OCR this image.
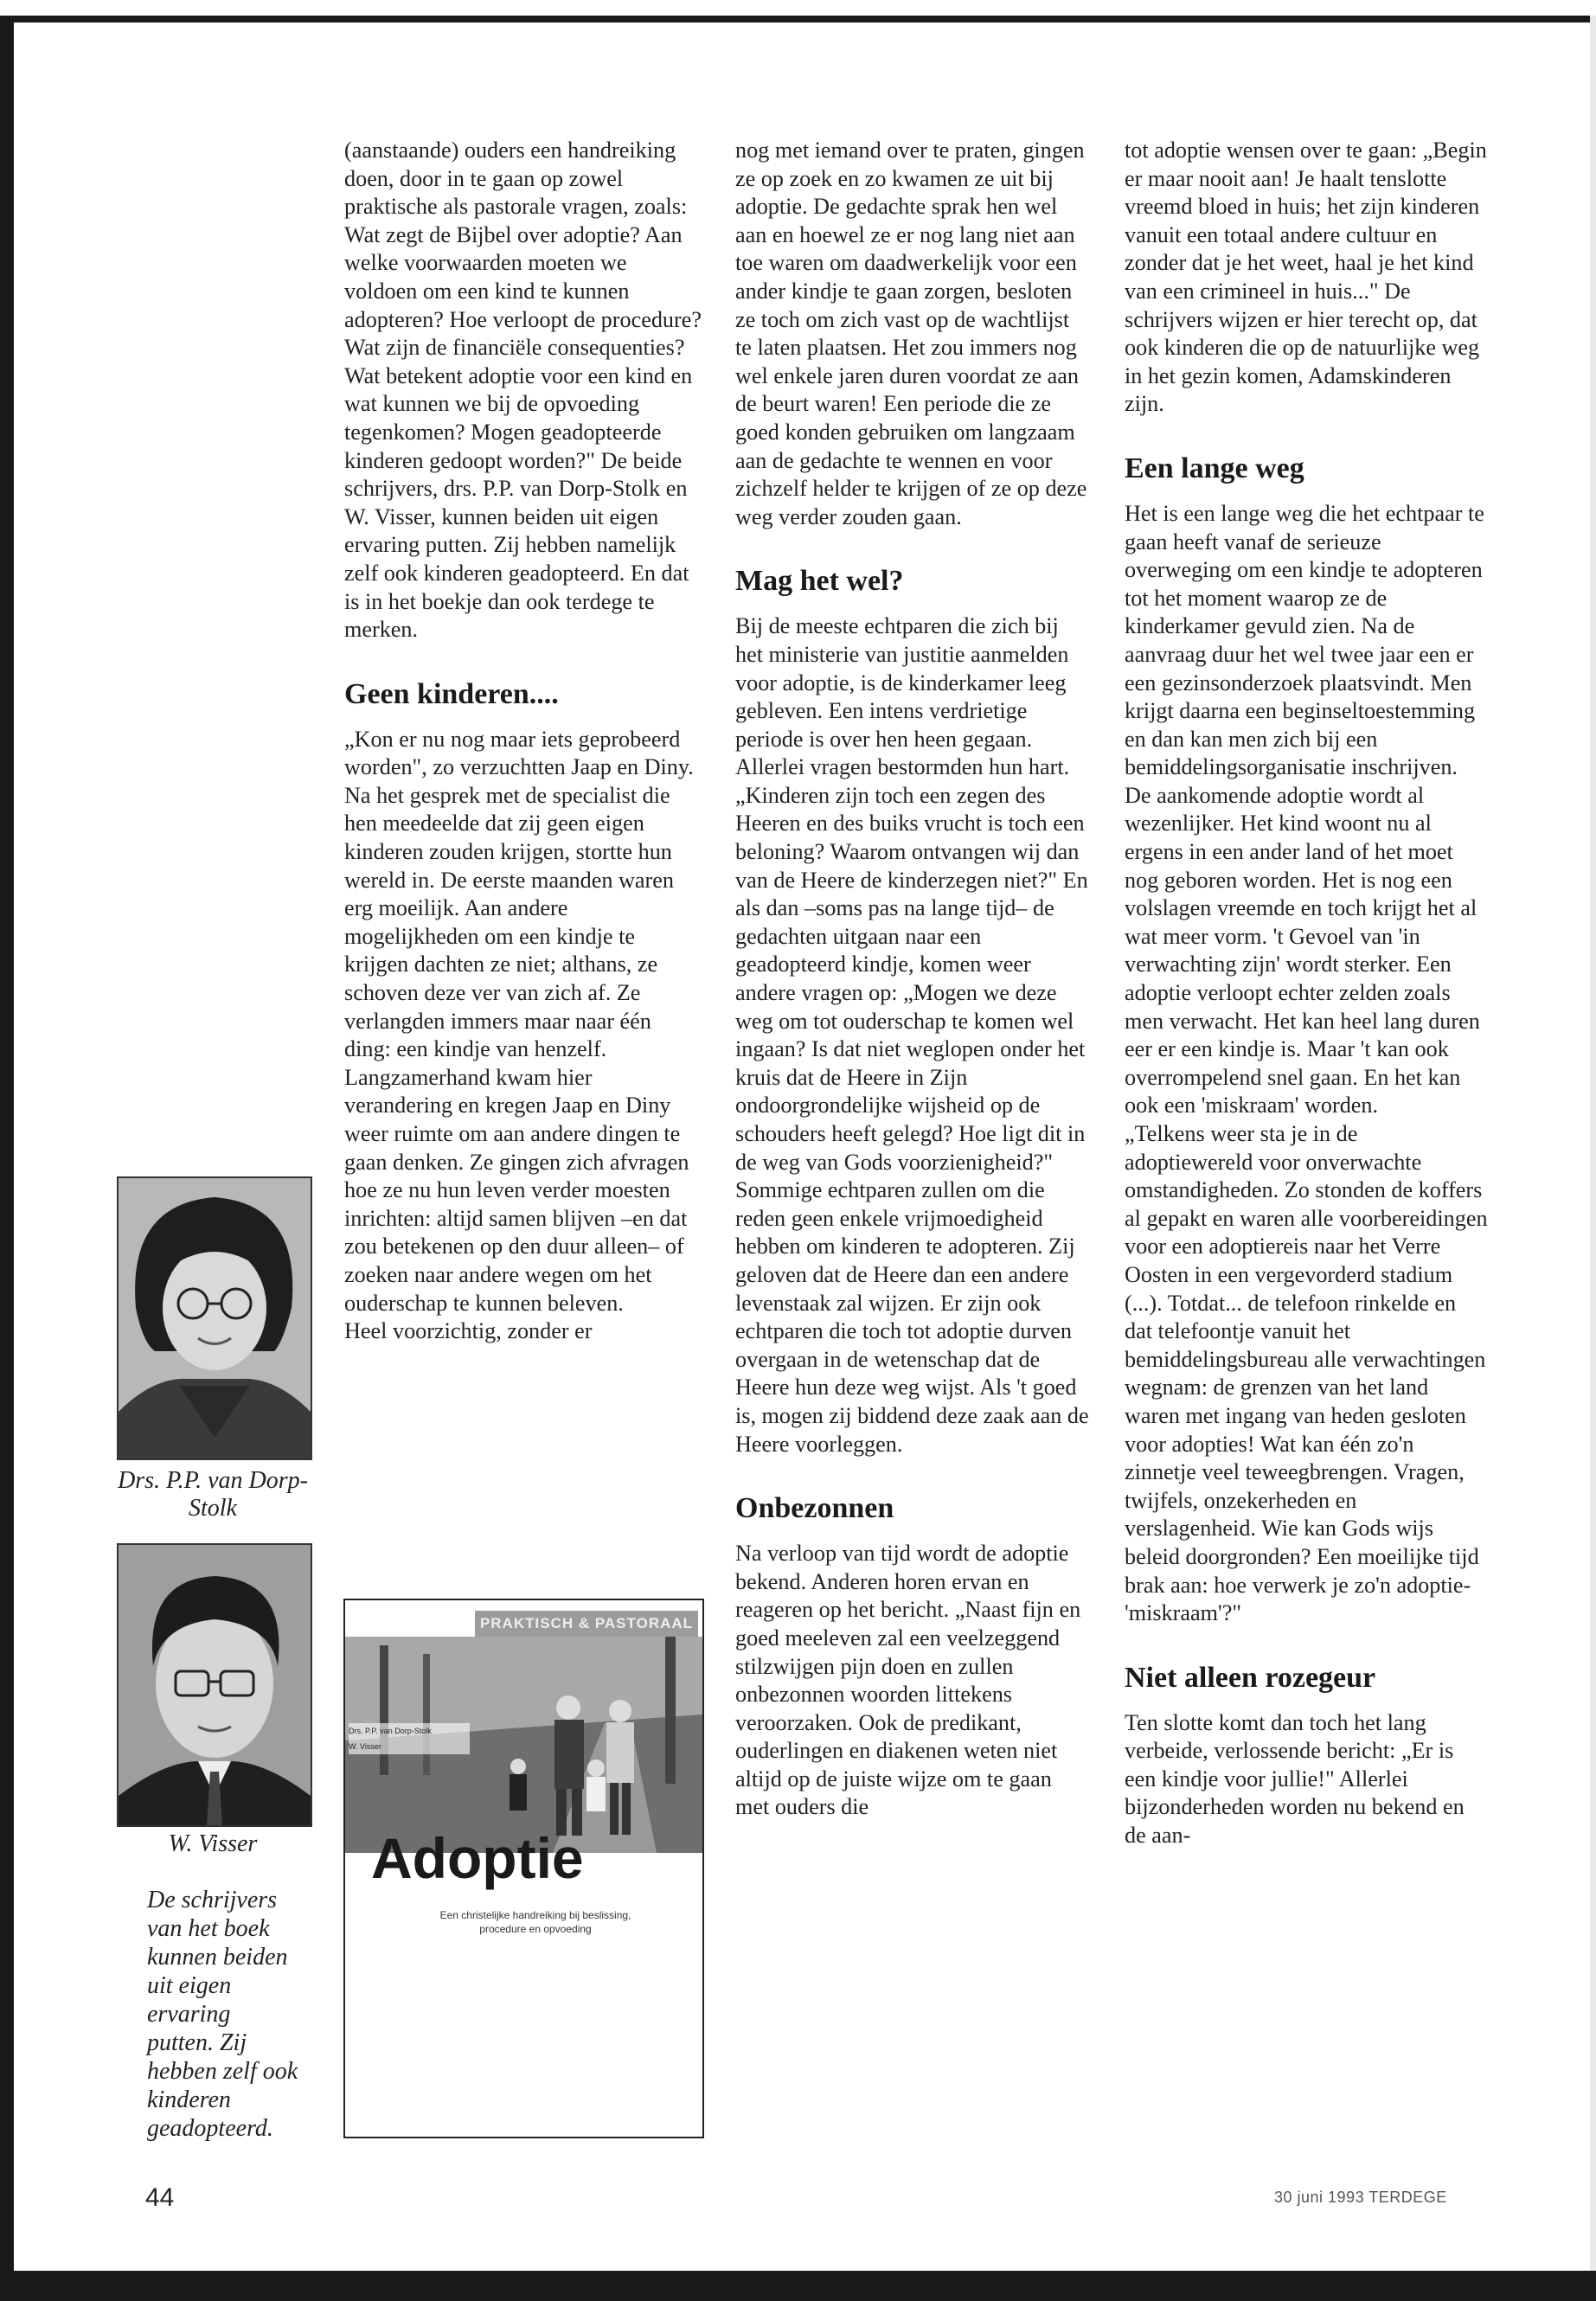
(aanstaande) ouders een handreiking doen, door in te gaan op zowel praktische als pastorale vragen, zoals: Wat zegt de Bijbel over adoptie? Aan welke voorwaarden moeten we voldoen om een kind te kunnen adopteren? Hoe verloopt de procedure? Wat zijn de financiële consequenties? Wat betekent adoptie voor een kind en wat kunnen we bij de opvoeding tegenkomen? Mogen geadopteerde kinderen gedoopt worden?" De beide schrijvers, drs. P.P. van Dorp-Stolk en W. Visser, kunnen beiden uit eigen ervaring putten. Zij hebben namelijk zelf ook kinderen geadopteerd. En dat is in het boekje dan ook terdege te merken.

Geen kinderen....

„Kon er nu nog maar iets geprobeerd worden", zo verzuchtten Jaap en Diny. Na het gesprek met de specialist die hen meedeelde dat zij geen eigen kinderen zouden krijgen, stortte hun wereld in. De eerste maanden waren erg moeilijk. Aan andere mogelijkheden om een kindje te krijgen dachten ze niet; althans, ze schoven deze ver van zich af. Ze verlangden immers maar naar één ding: een kindje van henzelf. Langzamerhand kwam hier verandering en kregen Jaap en Diny weer ruimte om aan andere dingen te gaan denken. Ze gingen zich afvragen hoe ze nu hun leven verder moesten inrichten: altijd samen blijven –en dat zou betekenen op den duur alleen– of zoeken naar andere wegen om het ouderschap te kunnen beleven.

Heel voorzichtig, zonder er

nog met iemand over te praten, gingen ze op zoek en zo kwamen ze uit bij adoptie. De gedachte sprak hen wel aan en hoewel ze er nog lang niet aan toe waren om daadwerkelijk voor een ander kindje te gaan zorgen, besloten ze toch om zich vast op de wachtlijst te laten plaatsen. Het zou immers nog wel enkele jaren duren voordat ze aan de beurt waren! Een periode die ze goed konden gebruiken om langzaam aan de gedachte te wennen en voor zichzelf helder te krijgen of ze op deze weg verder zouden gaan.

Mag het wel?

Bij de meeste echtparen die zich bij het ministerie van justitie aanmelden voor adoptie, is de kinderkamer leeg gebleven. Een intens verdrietige periode is over hen heen gegaan. Allerlei vragen bestormden hun hart. „Kinderen zijn toch een zegen des Heeren en des buiks vrucht is toch een beloning? Waarom ontvangen wij dan van de Heere de kinderzegen niet?" En als dan –soms pas na lange tijd– de gedachten uitgaan naar een geadopteerd kindje, komen weer andere vragen op: „Mogen we deze weg om tot ouderschap te komen wel ingaan? Is dat niet weglopen onder het kruis dat de Heere in Zijn ondoorgrondelijke wijsheid op de schouders heeft gelegd? Hoe ligt dit in de weg van Gods voorzienigheid?"

Sommige echtparen zullen om die reden geen enkele vrijmoedigheid hebben om kinderen te adopteren. Zij geloven dat de Heere dan een andere levenstaak zal wijzen. Er zijn ook echtparen die toch tot adoptie durven overgaan in de wetenschap dat de Heere hun deze weg wijst. Als 't goed is, mogen zij biddend deze zaak aan de Heere voorleggen.

Onbezonnen

Na verloop van tijd wordt de adoptie bekend. Anderen horen ervan en reageren op het bericht. „Naast fijn en goed meeleven zal een veelzeggend stilzwijgen pijn doen en zullen onbezonnen woorden littekens veroorzaken. Ook de predikant, ouderlingen en diakenen weten niet altijd op de juiste wijze om te gaan met ouders die

tot adoptie wensen over te gaan: „Begin er maar nooit aan! Je haalt tenslotte vreemd bloed in huis; het zijn kinderen vanuit een totaal andere cultuur en zonder dat je het weet, haal je het kind van een crimineel in huis..." De schrijvers wijzen er hier terecht op, dat ook kinderen die op de natuurlijke weg in het gezin komen, Adamskinderen zijn.

Een lange weg

Het is een lange weg die het echtpaar te gaan heeft vanaf de serieuze overweging om een kindje te adopteren tot het moment waarop ze de kinderkamer gevuld zien. Na de aanvraag duur het wel twee jaar een er een gezinsonderzoek plaatsvindt. Men krijgt daarna een beginseltoestemming en dan kan men zich bij een bemiddelingsorganisatie inschrijven.

De aankomende adoptie wordt al wezenlijker. Het kind woont nu al ergens in een ander land of het moet nog geboren worden. Het is nog een volslagen vreemde en toch krijgt het al wat meer vorm. 't Gevoel van 'in verwachting zijn' wordt sterker. Een adoptie verloopt echter zelden zoals men verwacht. Het kan heel lang duren eer er een kindje is. Maar 't kan ook overrompelend snel gaan. En het kan ook een 'miskraam' worden.

„Telkens weer sta je in de adoptiewereld voor onverwachte omstandigheden. Zo stonden de koffers al gepakt en waren alle voorbereidingen voor een adoptiereis naar het Verre Oosten in een vergevorderd stadium (...). Totdat... de telefoon rinkelde en dat telefoontje vanuit het bemiddelingsbureau alle verwachtingen wegnam: de grenzen van het land waren met ingang van heden gesloten voor adopties! Wat kan één zo'n zinnetje veel teweegbrengen. Vragen, twijfels, onzekerheden en verslagenheid. Wie kan Gods wijs beleid doorgronden? Een moeilijke tijd brak aan: hoe verwerk je zo'n adoptie-'miskraam'?"

Niet alleen rozegeur

Ten slotte komt dan toch het lang verbeide, verlossende bericht: „Er is een kindje voor jullie!" Allerlei bijzonderheden worden nu bekend en de aan-

Drs. P.P. van Dorp-Stolk
W. Visser
De schrijvers van het boek kunnen beiden uit eigen ervaring putten. Zij hebben zelf ook kinderen geadopteerd.
PRAKTISCH & PASTORAAL
Drs. P.P. van Dorp-Stolk
W. Visser
Adoptie
Een christelijke handreiking bij beslissing, procedure en opvoeding
44	30 juni 1993 TERDEGE
